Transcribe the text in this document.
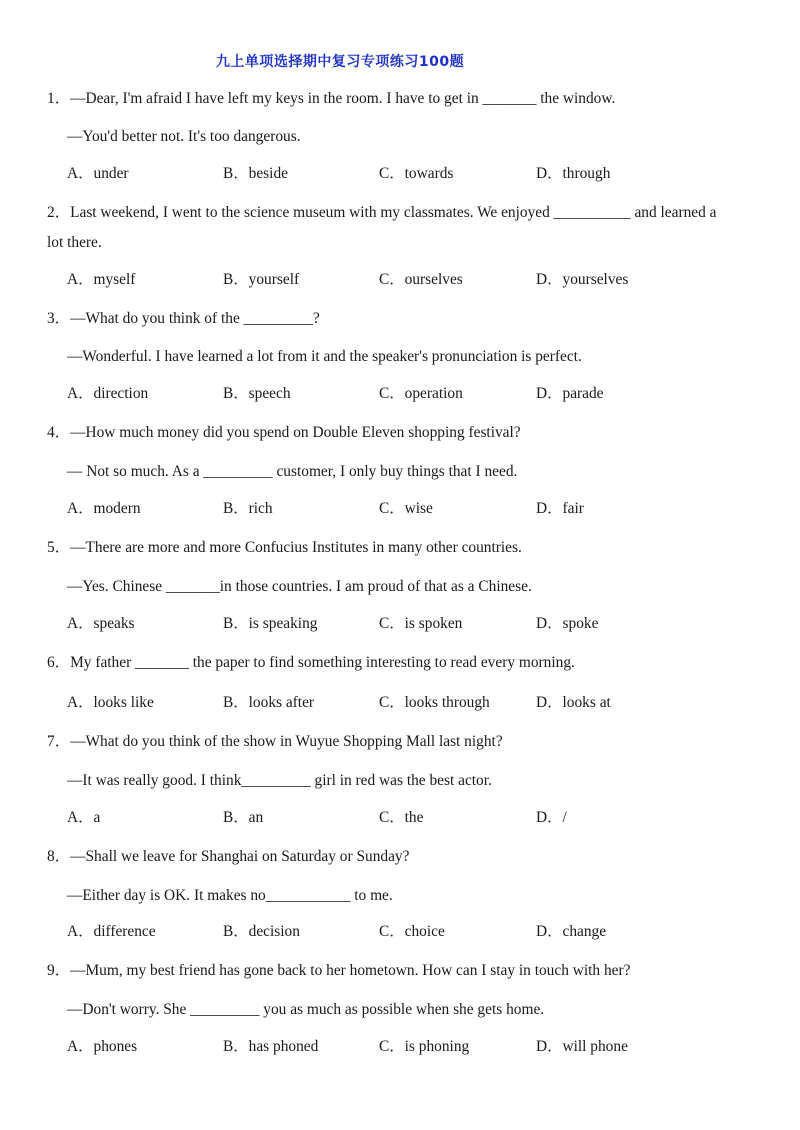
九上单项选择期中复习专项练习100题
1．—Dear, I'm afraid I have left my keys in the room. I have to get in _______ the window.
—You'd better not. It's too dangerous.
A．under	B．beside	C．towards	D．through
2．Last weekend, I went to the science museum with my classmates. We enjoyed __________ and learned a
lot there.
A．myself	B．yourself	C．ourselves	D．yourselves
3．—What do you think of the _________?
—Wonderful. I have learned a lot from it and the speaker's pronunciation is perfect.
A．direction	B．speech	C．operation	D．parade
4．—How much money did you spend on Double Eleven shopping festival?
— Not so much. As a _________ customer, I only buy things that I need.
A．modern	B．rich	C．wise	D．fair
5．—There are more and more Confucius Institutes in many other countries.
—Yes. Chinese _______in those countries. I am proud of that as a Chinese.
A．speaks	B．is speaking	C．is spoken	D．spoke
6．My father _______ the paper to find something interesting to read every morning.
A．looks like	B．looks after	C．looks through	D．looks at
7．—What do you think of the show in Wuyue Shopping Mall last night?
—It was really good. I think_________ girl in red was the best actor.
A．a	B．an	C．the	D．/
8．—Shall we leave for Shanghai on Saturday or Sunday?
—Either day is OK. It makes no___________ to me.
A．difference	B．decision	C．choice	D．change
9．—Mum, my best friend has gone back to her hometown. How can I stay in touch with her?
—Don't worry. She _________ you as much as possible when she gets home.
A．phones	B．has phoned	C．is phoning	D．will phone
